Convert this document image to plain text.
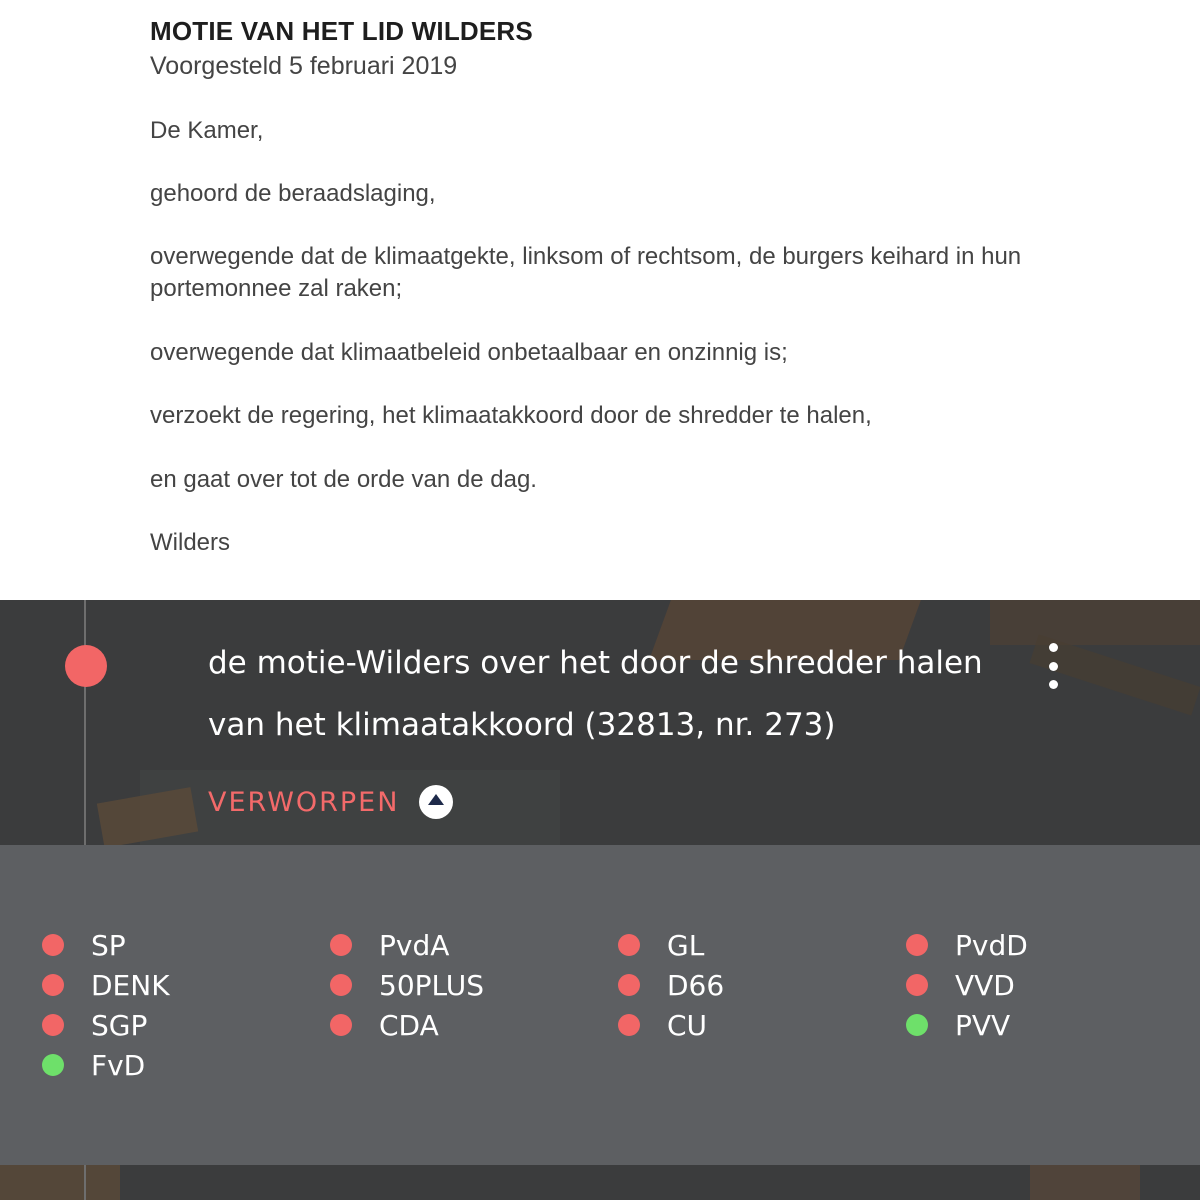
MOTIE VAN HET LID WILDERS

Voorgesteld 5 februari 2019

De Kamer,

gehoord de beraadslaging,

overwegende dat de klimaatgekte, linksom of rechtsom, de burgers keihard in hun portemonnee zal raken;

overwegende dat klimaatbeleid onbetaalbaar en onzinnig is;

verzoekt de regering, het klimaatakkoord door de shredder te halen,

en gaat over tot de orde van de dag.

Wilders

de motie-Wilders over het door de shredder halen van het klimaatakkoord (32813, nr. 273)

VERWORPEN
SP
DENK
SGP
FvD
PvdA
50PLUS
CDA
GL
D66
CU
PvdD
VVD
PVV
